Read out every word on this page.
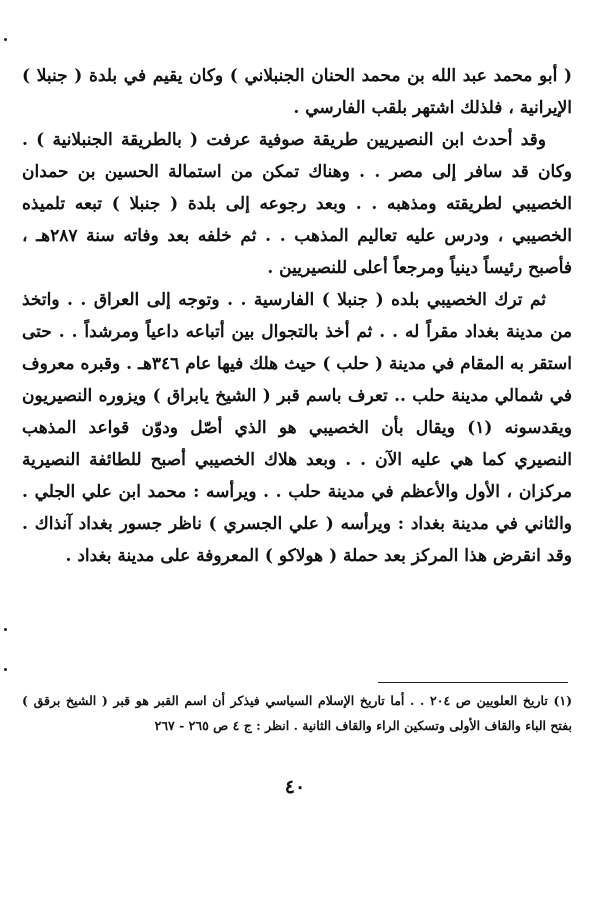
( أبو محمد عبد الله بن محمد الحنان الجنبلاني ) وكان يقيم في بلدة ( جنبلا ) الإيرانية ، فلذلك اشتهر بلقب الفارسي .

وقد أحدث ابن النصيريين طريقة صوفية عرفت ( بالطريقة الجنبلانية ) . وكان قد سافر إلى مصر . . وهناك تمكن من استمالة الحسين بن حمدان الخصيبي لطريقته ومذهبه . . وبعد رجوعه إلى بلدة ( جنبلا ) تبعه تلميذه الخصيبي ، ودرس عليه تعاليم المذهب . . ثم خلفه بعد وفاته سنة ٢٨٧هـ ، فأصبح رئيساً دينياً ومرجعاً أعلى للنصيريين .

ثم ترك الخصيبي بلده ( جنبلا ) الفارسية . . وتوجه إلى العراق . . واتخذ من مدينة بغداد مقراً له . . ثم أخذ بالتجوال بين أتباعه داعياً ومرشداً . . حتى استقر به المقام في مدينة ( حلب ) حيث هلك فيها عام ٣٤٦هـ . وقبره معروف في شمالي مدينة حلب .. تعرف باسم قبر ( الشيخ يابراق ) ويزوره النصيريون ويقدسونه (١) ويقال بأن الخصيبي هو الذي أصّل ودوّن قواعد المذهب النصيري كما هي عليه الآن . . وبعد هلاك الخصيبي أصبح للطائفة النصيرية مركزان ، الأول والأعظم في مدينة حلب . . ويرأسه : محمد ابن علي الجلي . والثاني في مدينة بغداد : ويرأسه ( علي الجسري ) ناظر جسور بغداد آنذاك . وقد انقرض هذا المركز بعد حملة ( هولاكو ) المعروفة على مدينة بغداد .

(١) تاريخ العلويين ص ٢٠٤ . . أما تاريخ الإسلام السياسي فيذكر أن اسم القبر هو قبر ( الشيخ برقق ) بفتح الباء والقاف الأولى وتسكين الراء والقاف الثانية . انظر : ج ٤ ص ٢٦٥ - ٢٦٧

٤٠
